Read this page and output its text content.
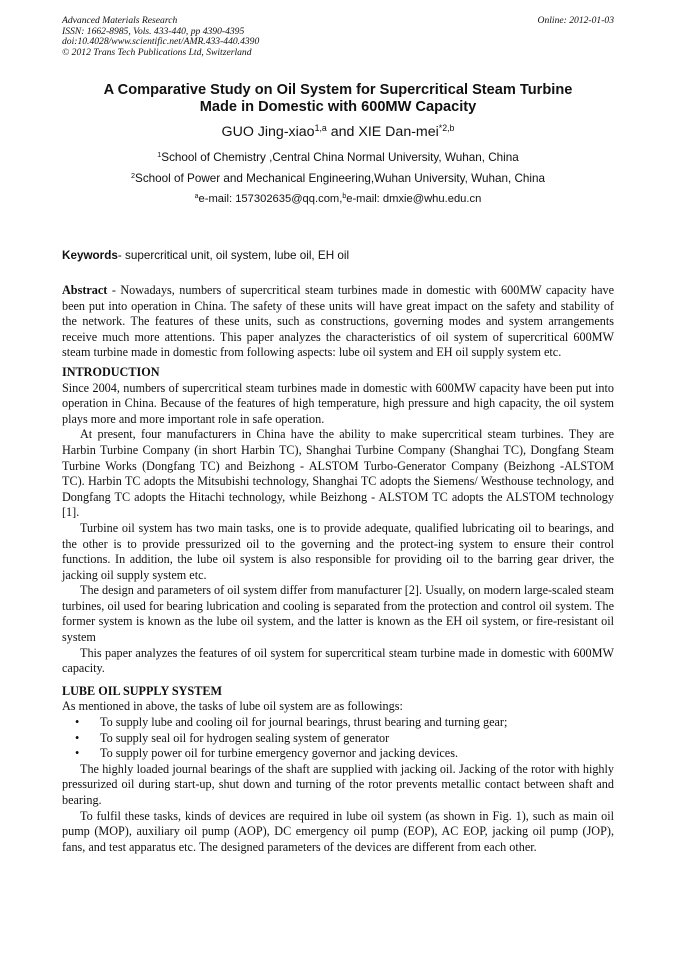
Advanced Materials Research
ISSN: 1662-8985, Vols. 433-440, pp 4390-4395
doi:10.4028/www.scientific.net/AMR.433-440.4390
© 2012 Trans Tech Publications Ltd, Switzerland
Online: 2012-01-03
A Comparative Study on Oil System for Supercritical Steam Turbine
Made in Domestic with 600MW Capacity
GUO Jing-xiao$^{1,a}$ and XIE Dan-mei$^{*2,b}$
$^1$School of Chemistry ,Central China Normal University, Wuhan, China
$^2$School of Power and Mechanical Engineering,Wuhan University, Wuhan, China
$^a$e-mail: 157302635@qq.com,$^b$e-mail: dmxie@whu.edu.cn
Keywords- supercritical unit, oil system, lube oil, EH oil

Abstract - Nowadays, numbers of supercritical steam turbines made in domestic with 600MW capacity have been put into operation in China. The safety of these units will have great impact on the safety and stability of the network. The features of these units, such as constructions, governing modes and system arrangements receive much more attentions. This paper analyzes the characteristics of oil system of supercritical 600MW steam turbine made in domestic from following aspects: lube oil system and EH oil supply system etc.

INTRODUCTION

Since 2004, numbers of supercritical steam turbines made in domestic with 600MW capacity have been put into operation in China. Because of the features of high temperature, high pressure and high capacity, the oil system plays more and more important role in safe operation.

At present, four manufacturers in China have the ability to make supercritical steam turbines. They are Harbin Turbine Company (in short Harbin TC), Shanghai Turbine Company (Shanghai TC), Dongfang Steam Turbine Works (Dongfang TC) and Beizhong - ALSTOM Turbo-Generator Company (Beizhong -ALSTOM TC). Harbin TC adopts the Mitsubishi technology, Shanghai TC adopts the Siemens/ Westhouse technology, and Dongfang TC adopts the Hitachi technology, while Beizhong - ALSTOM TC adopts the ALSTOM technology [1].

Turbine oil system has two main tasks, one is to provide adequate, qualified lubricating oil to bearings, and the other is to provide pressurized oil to the governing and the protect-ing system to ensure their control functions. In addition, the lube oil system is also responsible for providing oil to the barring gear driver, the jacking oil supply system etc.

The design and parameters of oil system differ from manufacturer [2]. Usually, on modern large-scaled steam turbines, oil used for bearing lubrication and cooling is separated from the protection and control oil system. The former system is known as the lube oil system, and the latter is known as the EH oil system, or fire-resistant oil system

This paper analyzes the features of oil system for supercritical steam turbine made in domestic with 600MW capacity.

LUBE OIL SUPPLY SYSTEM

As mentioned in above, the tasks of lube oil system are as followings:

• To supply lube and cooling oil for journal bearings, thrust bearing and turning gear;
• To supply seal oil for hydrogen sealing system of generator
• To supply power oil for turbine emergency governor and jacking devices.

The highly loaded journal bearings of the shaft are supplied with jacking oil. Jacking of the rotor with highly pressurized oil during start-up, shut down and turning of the rotor prevents metallic contact between shaft and bearing.

To fulfil these tasks, kinds of devices are required in lube oil system (as shown in Fig. 1), such as main oil pump (MOP), auxiliary oil pump (AOP), DC emergency oil pump (EOP), AC EOP, jacking oil pump (JOP), fans, and test apparatus etc. The designed parameters of the devices are different from each other.
